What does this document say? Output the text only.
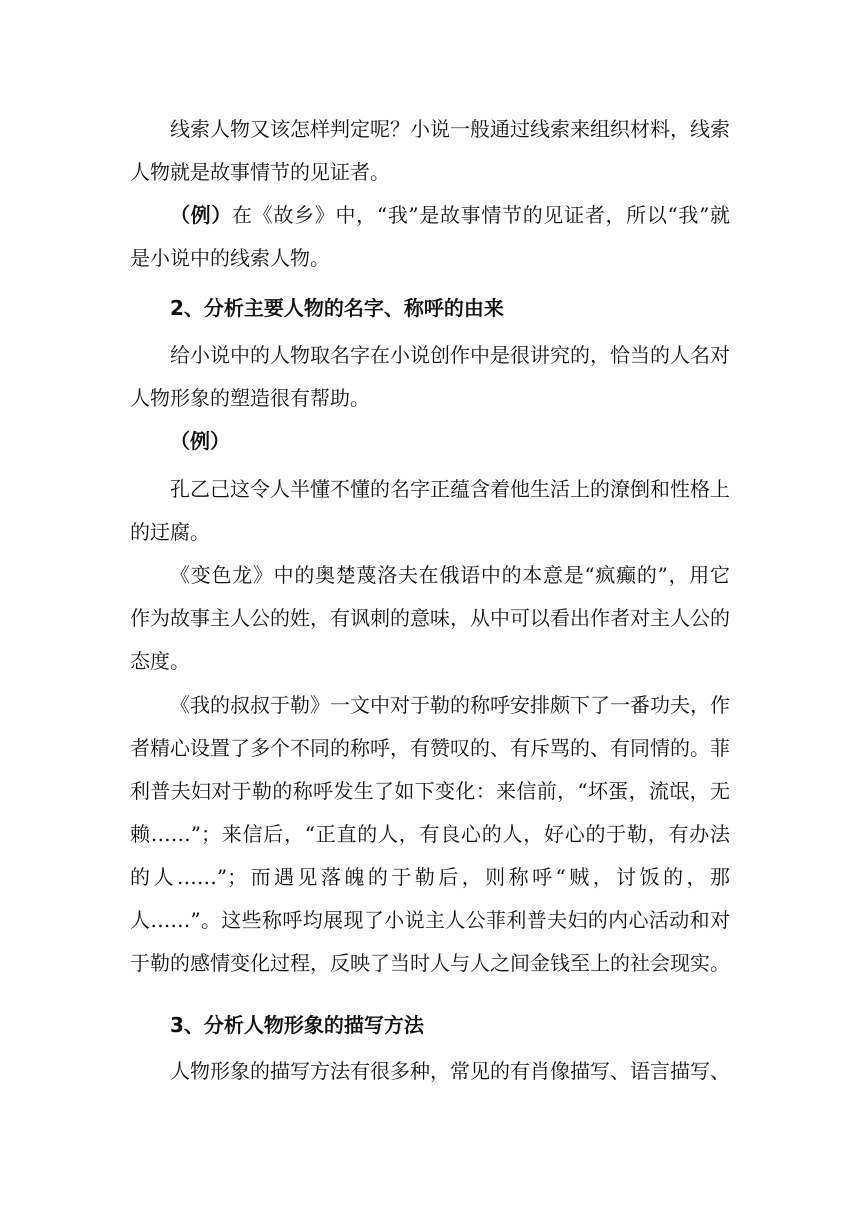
线索人物又该怎样判定呢？小说一般通过线索来组织材料，线索人物就是故事情节的见证者。

（例）在《故乡》中，“我”是故事情节的见证者，所以“我”就是小说中的线索人物。

2、分析主要人物的名字、称呼的由来

给小说中的人物取名字在小说创作中是很讲究的，恰当的人名对人物形象的塑造很有帮助。

（例）

孔乙己这令人半懂不懂的名字正蕴含着他生活上的潦倒和性格上的迂腐。

《变色龙》中的奥楚蔑洛夫在俄语中的本意是“疯癫的”，用它作为故事主人公的姓，有讽刺的意味，从中可以看出作者对主人公的态度。

《我的叔叔于勒》一文中对于勒的称呼安排颇下了一番功夫，作者精心设置了多个不同的称呼，有赞叹的、有斥骂的、有同情的。菲利普夫妇对于勒的称呼发生了如下变化：来信前，“坏蛋，流氓，无赖……”；来信后，“正直的人，有良心的人，好心的于勒，有办法的人……”；而遇见落魄的于勒后，则称呼“贼，讨饭的，那人……”。这些称呼均展现了小说主人公菲利普夫妇的内心活动和对于勒的感情变化过程，反映了当时人与人之间金钱至上的社会现实。

3、分析人物形象的描写方法

人物形象的描写方法有很多种，常见的有肖像描写、语言描写、
